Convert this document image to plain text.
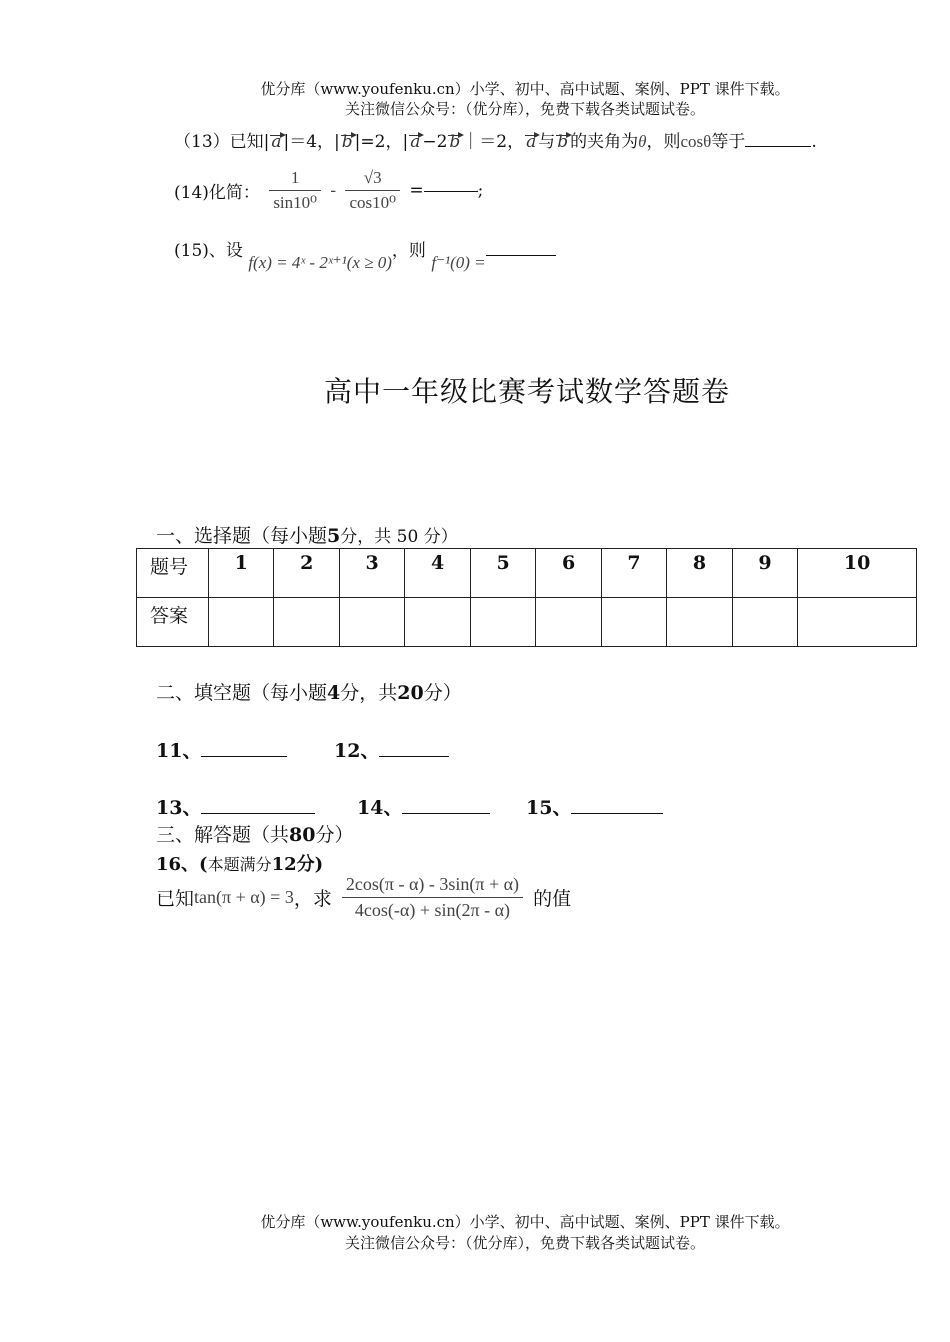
优分库（www.youfenku.cn）小学、初中、高中试题、案例、PPT 课件下载。
关注微信公众号：（优分库），免费下载各类试题试卷。
（13）已知| a |＝4，| b |=2，| a −2 b ｜＝2， a 与 b 的夹角为θ，则cosθ等于	.
(14)化简： $\frac{1}{\text{sin10⁰}} - \frac{√3}{\text{cos10⁰}}$ =	;
(15)、设 f(x) = 4ˣ - 2ˣ⁺¹(x ≥ 0)，则 f⁻¹(0) =
高中一年级比赛考试数学答题卷
一、选择题（每小题5分，共 50 分）
题号	1	2	3	4	5	6	7	8	9	10
答案										
二、填空题（每小题4分，共20分）
11、	12、
13、	14、	15、
三、解答题（共80分）
16、(本题满分12分)
已知tan(π + α) = 3，求 $\frac{2\cos(\pi - \alpha) - 3\sin(\pi + \alpha)}{4\cos(-\alpha) + \sin(2\pi - \alpha)}$ 的值
优分库（www.youfenku.cn）小学、初中、高中试题、案例、PPT 课件下载。
关注微信公众号：（优分库），免费下载各类试题试卷。
